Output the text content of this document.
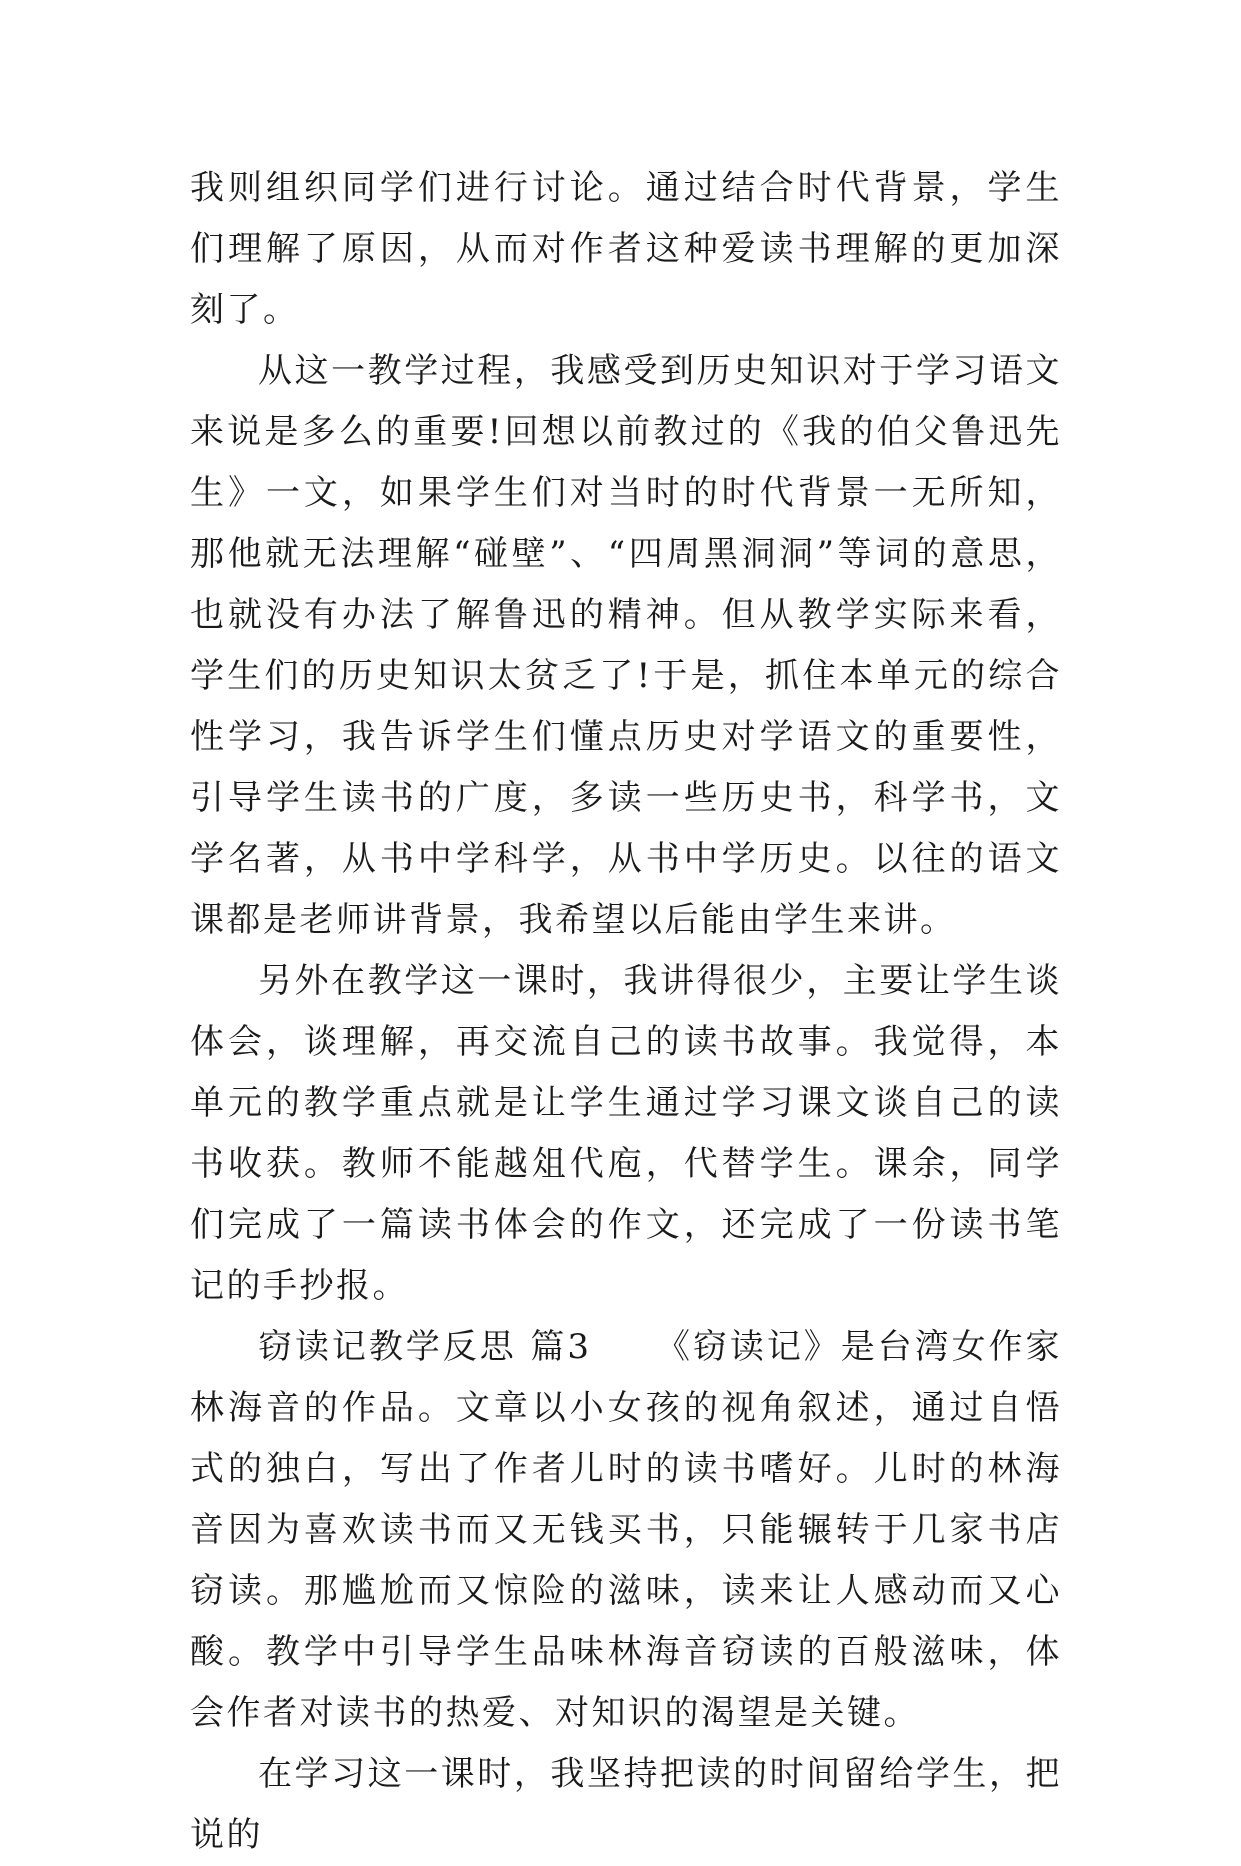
我则组织同学们进行讨论。通过结合时代背景，学生们理解了原因，从而对作者这种爱读书理解的更加深刻了。

从这一教学过程，我感受到历史知识对于学习语文来说是多么的重要!回想以前教过的《我的伯父鲁迅先生》一文，如果学生们对当时的时代背景一无所知，那他就无法理解“碰壁”、“四周黑洞洞”等词的意思，也就没有办法了解鲁迅的精神。但从教学实际来看，学生们的历史知识太贫乏了!于是，抓住本单元的综合性学习，我告诉学生们懂点历史对学语文的重要性，引导学生读书的广度，多读一些历史书，科学书，文学名著，从书中学科学，从书中学历史。以往的语文课都是老师讲背景，我希望以后能由学生来讲。

另外在教学这一课时，我讲得很少，主要让学生谈体会，谈理解，再交流自己的读书故事。我觉得，本单元的教学重点就是让学生通过学习课文谈自己的读书收获。教师不能越俎代庖，代替学生。课余，同学们完成了一篇读书体会的作文，还完成了一份读书笔记的手抄报。

窃读记教学反思 篇3 　 《窃读记》是台湾女作家林海音的作品。文章以小女孩的视角叙述，通过自悟式的独白，写出了作者儿时的读书嗜好。儿时的林海音因为喜欢读书而又无钱买书，只能辗转于几家书店窃读。那尴尬而又惊险的滋味，读来让人感动而又心酸。教学中引导学生品味林海音窃读的百般滋味，体会作者对读书的热爱、对知识的渴望是关键。

在学习这一课时，我坚持把读的时间留给学生，把说的
